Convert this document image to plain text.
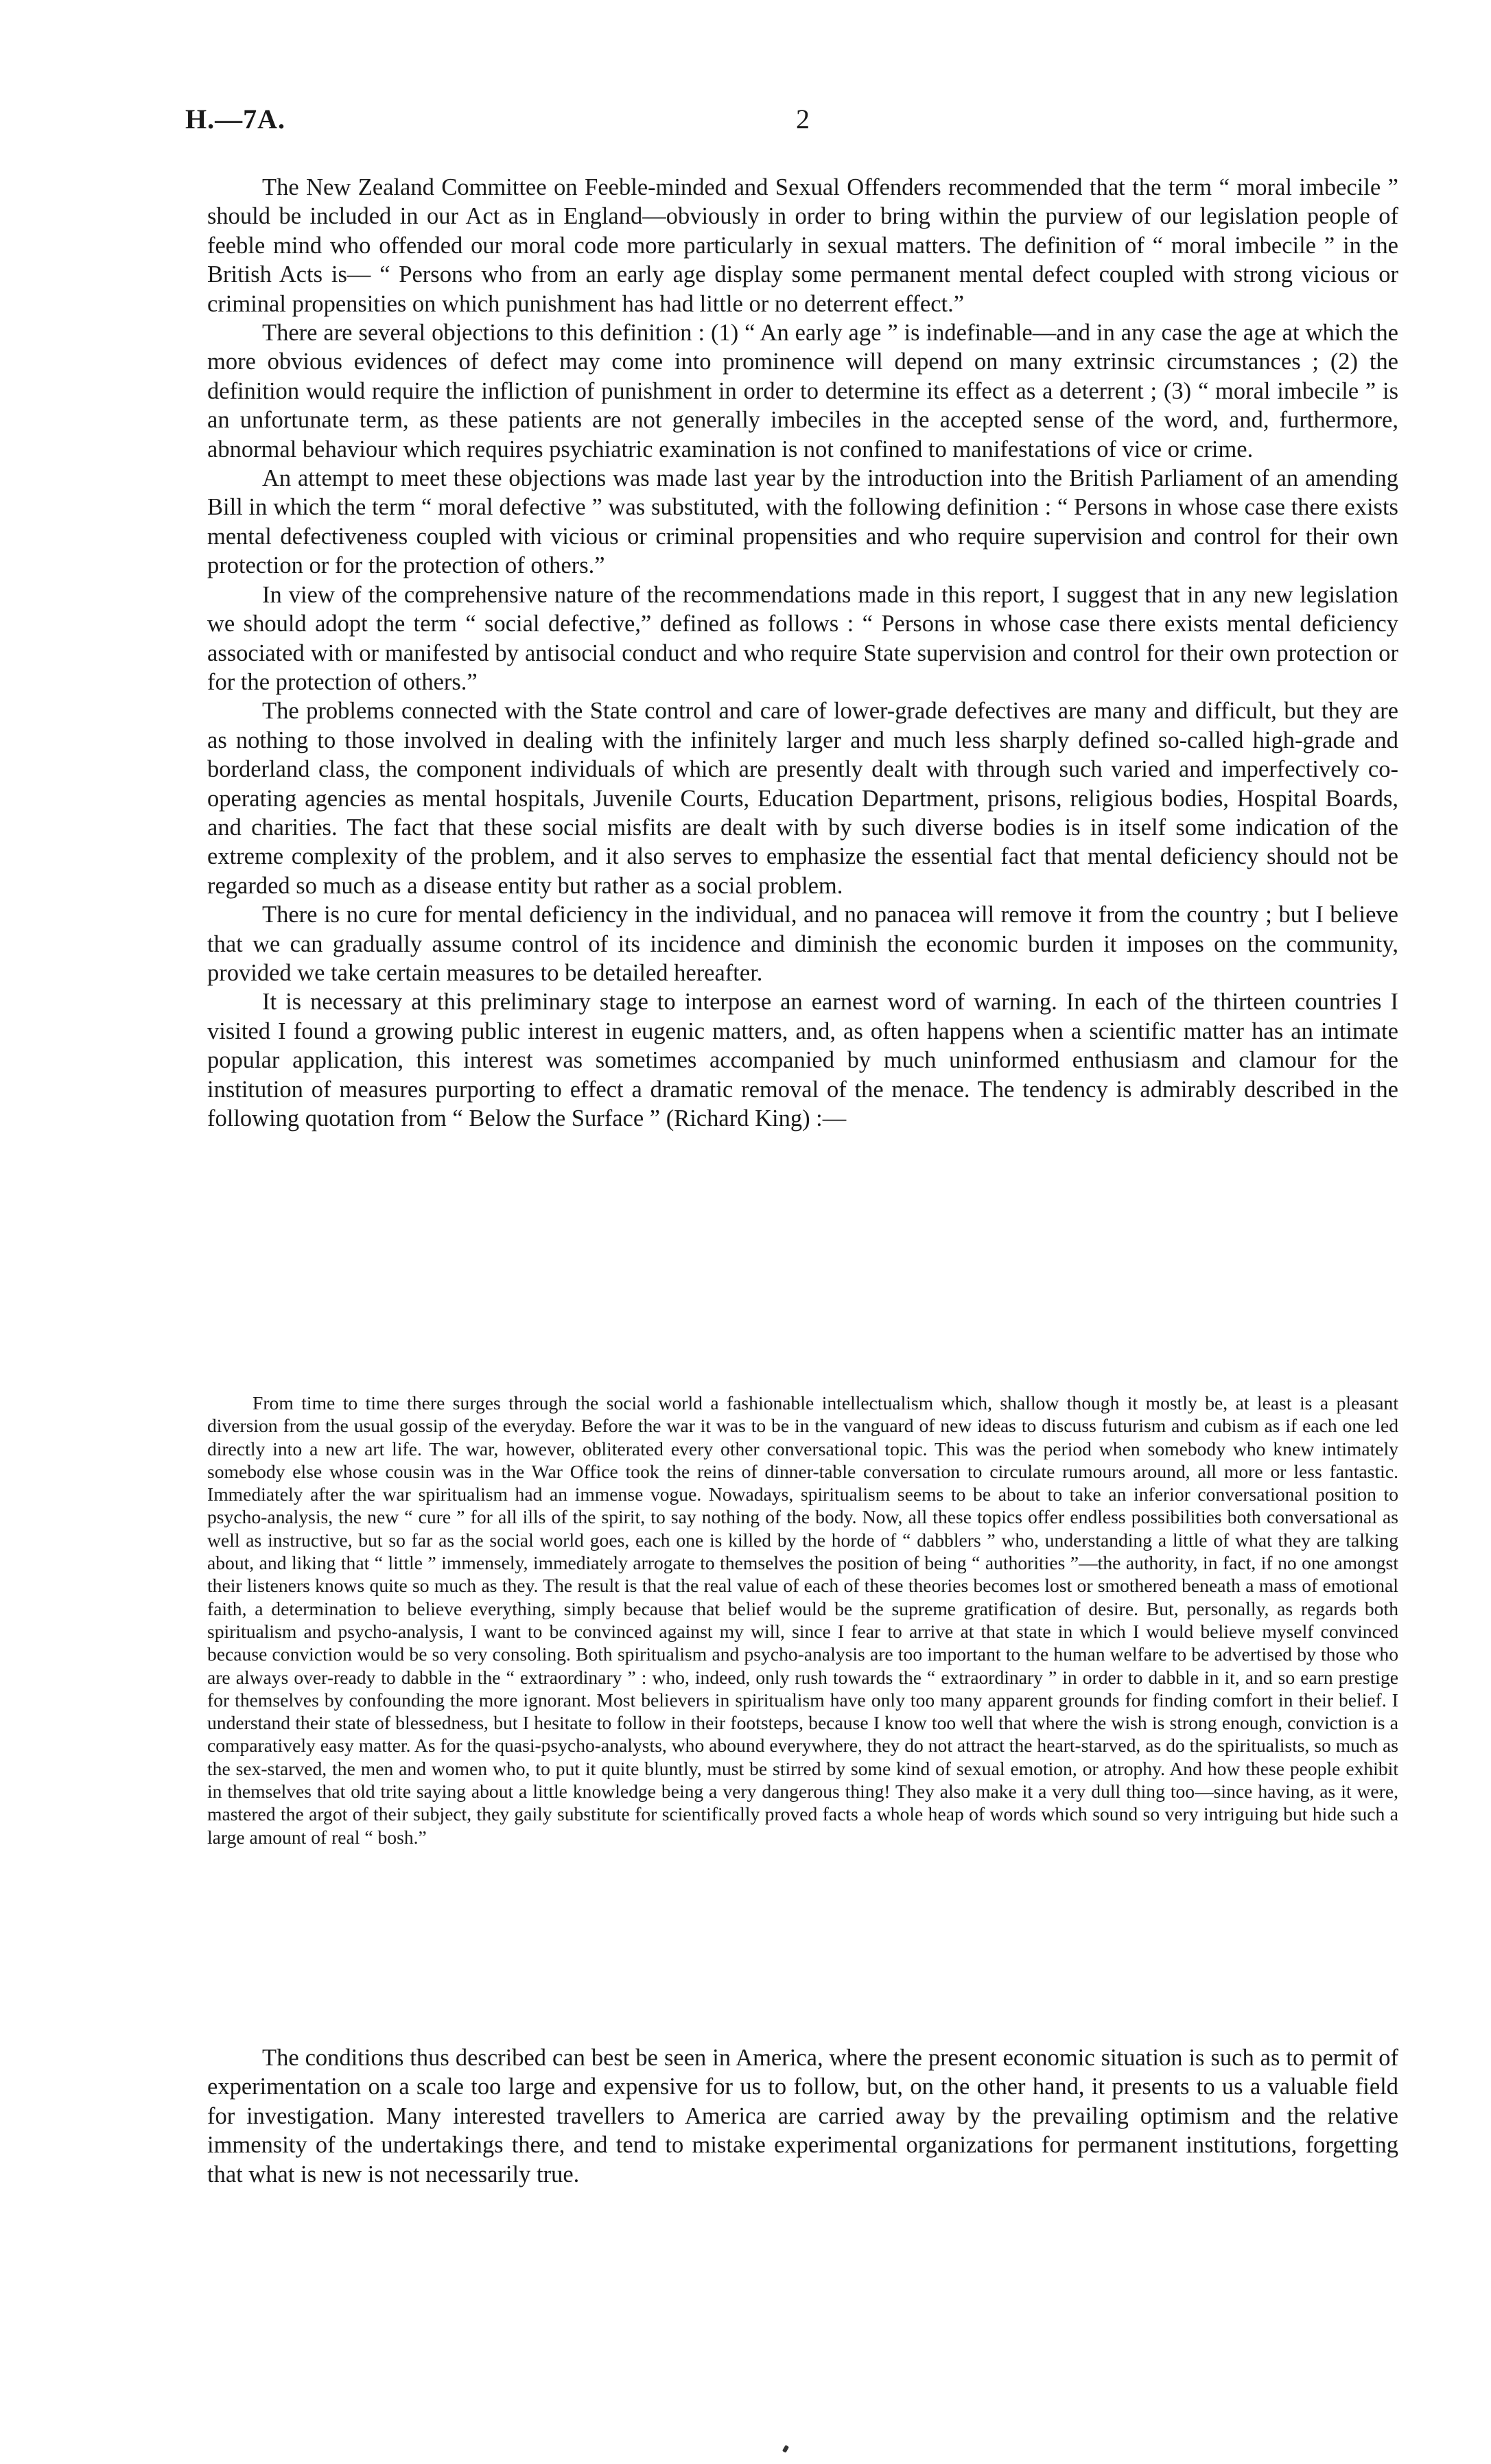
H.—7A.	2

The New Zealand Committee on Feeble-minded and Sexual Offenders recommended that the term “ moral imbecile ” should be included in our Act as in England—obviously in order to bring within the purview of our legislation people of feeble mind who offended our moral code more particularly in sexual matters. The definition of “ moral imbecile ” in the British Acts is— “ Persons who from an early age display some permanent mental defect coupled with strong vicious or criminal propensities on which punishment has had little or no deterrent effect.”

There are several objections to this definition : (1) “ An early age ” is indefinable—and in any case the age at which the more obvious evidences of defect may come into prominence will depend on many extrinsic circumstances ; (2) the definition would require the infliction of punishment in order to determine its effect as a deterrent ; (3) “ moral imbecile ” is an unfortunate term, as these patients are not generally imbeciles in the accepted sense of the word, and, furthermore, abnormal behaviour which requires psychiatric examination is not confined to manifestations of vice or crime.

An attempt to meet these objections was made last year by the introduction into the British Parliament of an amending Bill in which the term “ moral defective ” was substituted, with the following definition : “ Persons in whose case there exists mental defectiveness coupled with vicious or criminal propensities and who require supervision and control for their own protection or for the protection of others.”

In view of the comprehensive nature of the recommendations made in this report, I suggest that in any new legislation we should adopt the term “ social defective,” defined as follows : “ Persons in whose case there exists mental deficiency associated with or manifested by antisocial conduct and who require State supervision and control for their own protection or for the protection of others.”

The problems connected with the State control and care of lower-grade defectives are many and difficult, but they are as nothing to those involved in dealing with the infinitely larger and much less sharply defined so-called high-grade and borderland class, the component individuals of which are presently dealt with through such varied and imperfectively co-operating agencies as mental hospitals, Juvenile Courts, Education Department, prisons, religious bodies, Hospital Boards, and charities. The fact that these social misfits are dealt with by such diverse bodies is in itself some indication of the extreme complexity of the problem, and it also serves to emphasize the essential fact that mental deficiency should not be regarded so much as a disease entity but rather as a social problem.

There is no cure for mental deficiency in the individual, and no panacea will remove it from the country ; but I believe that we can gradually assume control of its incidence and diminish the economic burden it imposes on the community, provided we take certain measures to be detailed hereafter.

It is necessary at this preliminary stage to interpose an earnest word of warning. In each of the thirteen countries I visited I found a growing public interest in eugenic matters, and, as often happens when a scientific matter has an intimate popular application, this interest was sometimes accompanied by much uninformed enthusiasm and clamour for the institution of measures purporting to effect a dramatic removal of the menace. The tendency is admirably described in the following quotation from “ Below the Surface ” (Richard King) :—

From time to time there surges through the social world a fashionable intellectualism which, shallow though it mostly be, at least is a pleasant diversion from the usual gossip of the everyday. Before the war it was to be in the vanguard of new ideas to discuss futurism and cubism as if each one led directly into a new art life. The war, however, obliterated every other conversational topic. This was the period when somebody who knew intimately somebody else whose cousin was in the War Office took the reins of dinner-table conversation to circulate rumours around, all more or less fantastic. Immediately after the war spiritualism had an immense vogue. Nowadays, spiritualism seems to be about to take an inferior conversational position to psycho-analysis, the new “ cure ” for all ills of the spirit, to say nothing of the body. Now, all these topics offer endless possibilities both conversational as well as instructive, but so far as the social world goes, each one is killed by the horde of “ dabblers ” who, understanding a little of what they are talking about, and liking that “ little ” immensely, immediately arrogate to themselves the position of being “ authorities ”—the authority, in fact, if no one amongst their listeners knows quite so much as they. The result is that the real value of each of these theories becomes lost or smothered beneath a mass of emotional faith, a determination to believe everything, simply because that belief would be the supreme gratification of desire. But, personally, as regards both spiritualism and psycho-analysis, I want to be convinced against my will, since I fear to arrive at that state in which I would believe myself convinced because conviction would be so very consoling. Both spiritualism and psycho-analysis are too important to the human welfare to be advertised by those who are always over-ready to dabble in the “ extraordinary ” : who, indeed, only rush towards the “ extraordinary ” in order to dabble in it, and so earn prestige for themselves by confounding the more ignorant. Most believers in spiritualism have only too many apparent grounds for finding comfort in their belief. I understand their state of blessedness, but I hesitate to follow in their footsteps, because I know too well that where the wish is strong enough, conviction is a comparatively easy matter. As for the quasi-psycho-analysts, who abound everywhere, they do not attract the heart-starved, as do the spiritualists, so much as the sex-starved, the men and women who, to put it quite bluntly, must be stirred by some kind of sexual emotion, or atrophy. And how these people exhibit in themselves that old trite saying about a little knowledge being a very dangerous thing! They also make it a very dull thing too—since having, as it were, mastered the argot of their subject, they gaily substitute for scientifically proved facts a whole heap of words which sound so very intriguing but hide such a large amount of real “ bosh.”

The conditions thus described can best be seen in America, where the present economic situation is such as to permit of experimentation on a scale too large and expensive for us to follow, but, on the other hand, it presents to us a valuable field for investigation. Many interested travellers to America are carried away by the prevailing optimism and the relative immensity of the undertakings there, and tend to mistake experimental organizations for permanent institutions, forgetting that what is new is not necessarily true.
